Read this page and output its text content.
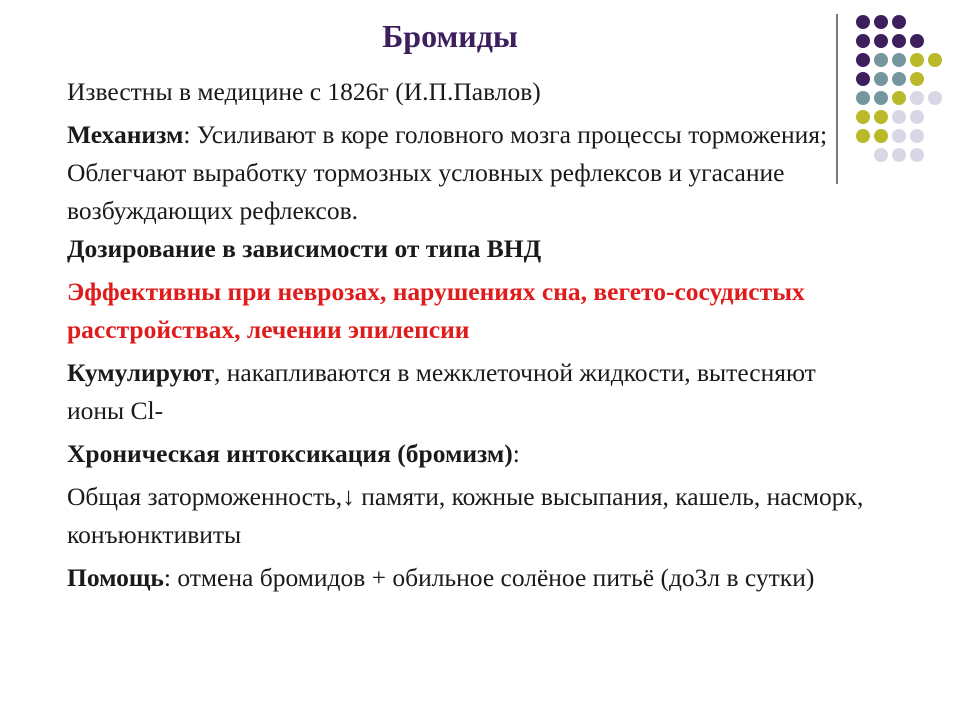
Бромиды
Известны в медицине с 1826г (И.П.Павлов)
Механизм: Усиливают в коре головного мозга процессы торможения; Облегчают выработку тормозных условных рефлексов и угасание возбуждающих рефлексов.
Дозирование в зависимости от типа ВНД
Эффективны при неврозах, нарушениях сна, вегето-сосудистых расстройствах, лечении эпилепсии
Кумулируют, накапливаются в межклеточной жидкости, вытесняют ионы Cl-
Хроническая интоксикация (бромизм):
Общая заторможенность,↓ памяти, кожные высыпания, кашель, насморк, конъюнктивиты
Помощь: отмена бромидов + обильное солёное питьё (до3л в сутки)
